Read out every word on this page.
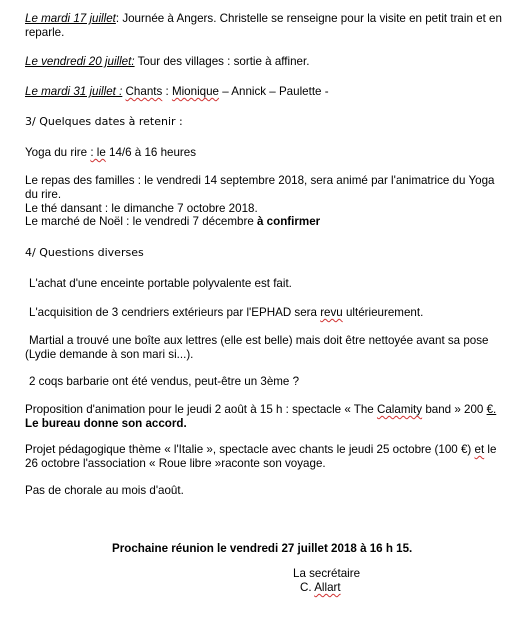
Le mardi 17 juillet: Journée à Angers. Christelle se renseigne pour la visite en petit train et en reparle.

Le vendredi 20 juillet: Tour des villages : sortie à affiner.

Le mardi 31 juillet : Chants : Mionique – Annick – Paulette -

3/ Quelques dates à retenir :

Yoga du rire : le 14/6 à 16 heures

Le repas des familles : le vendredi 14 septembre 2018, sera animé par l'animatrice du Yoga du rire.

Le thé dansant : le dimanche 7 octobre 2018.

Le marché de Noël : le vendredi 7 décembre à confirmer

4/ Questions diverses

L'achat d'une enceinte portable polyvalente est fait.

L'acquisition de 3 cendriers extérieurs par l'EPHAD sera revu ultérieurement.

Martial a trouvé une boîte aux lettres (elle est belle) mais doit être nettoyée avant sa pose (Lydie demande à son mari si...).

2 coqs barbarie ont été vendus, peut-être un 3ème ?

Proposition d'animation pour le jeudi 2 août à 15 h : spectacle « The Calamity band » 200 €. Le bureau donne son accord.

Projet pédagogique thème « l'Italie », spectacle avec chants le jeudi 25 octobre (100 €) et le 26 octobre l'association « Roue libre »raconte son voyage.

Pas de chorale au mois d'août.

Prochaine réunion le vendredi 27 juillet 2018 à 16 h 15.

La secrétaire

C. Allart
